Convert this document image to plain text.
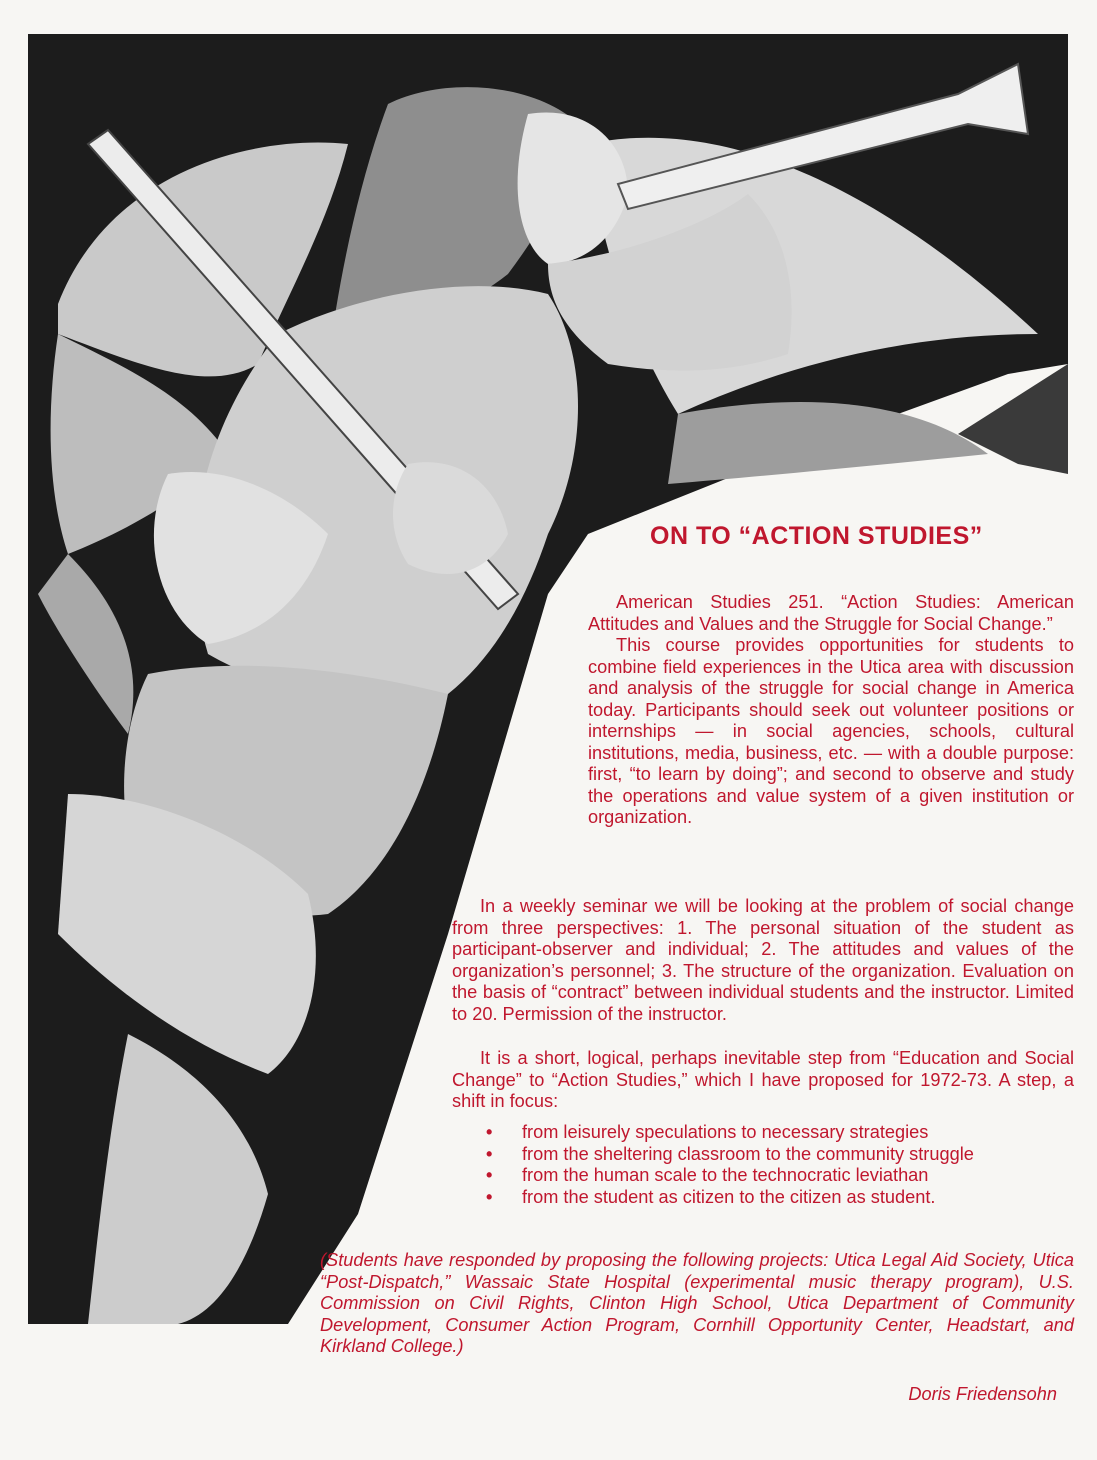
ON TO “ACTION STUDIES”

American Studies 251. “Action Studies: American Attitudes and Values and the Struggle for Social Change.”

This course provides opportunities for students to combine field experiences in the Utica area with discussion and analysis of the struggle for social change in America today. Participants should seek out volunteer positions or internships — in social agencies, schools, cultural institutions, media, business, etc. — with a double purpose: first, “to learn by doing”; and second to observe and study the operations and value system of a given institution or organization.

In a weekly seminar we will be looking at the problem of social change from three perspectives: 1. The personal situation of the student as participant-observer and individual; 2. The attitudes and values of the organization’s personnel; 3. The structure of the organization. Evaluation on the basis of “contract” between individual students and the instructor. Limited to 20. Permission of the instructor.

It is a short, logical, perhaps inevitable step from “Education and Social Change” to “Action Studies,” which I have proposed for 1972-73. A step, a shift in focus:

• from leisurely speculations to necessary strategies
• from the sheltering classroom to the community struggle
• from the human scale to the technocratic leviathan
• from the student as citizen to the citizen as student.
(Students have responded by proposing the following projects: Utica Legal Aid Society, Utica “Post-Dispatch,” Wassaic State Hospital (experimental music therapy program), U.S. Commission on Civil Rights, Clinton High School, Utica Department of Community Development, Consumer Action Program, Cornhill Opportunity Center, Headstart, and Kirkland College.)
Doris Friedensohn
